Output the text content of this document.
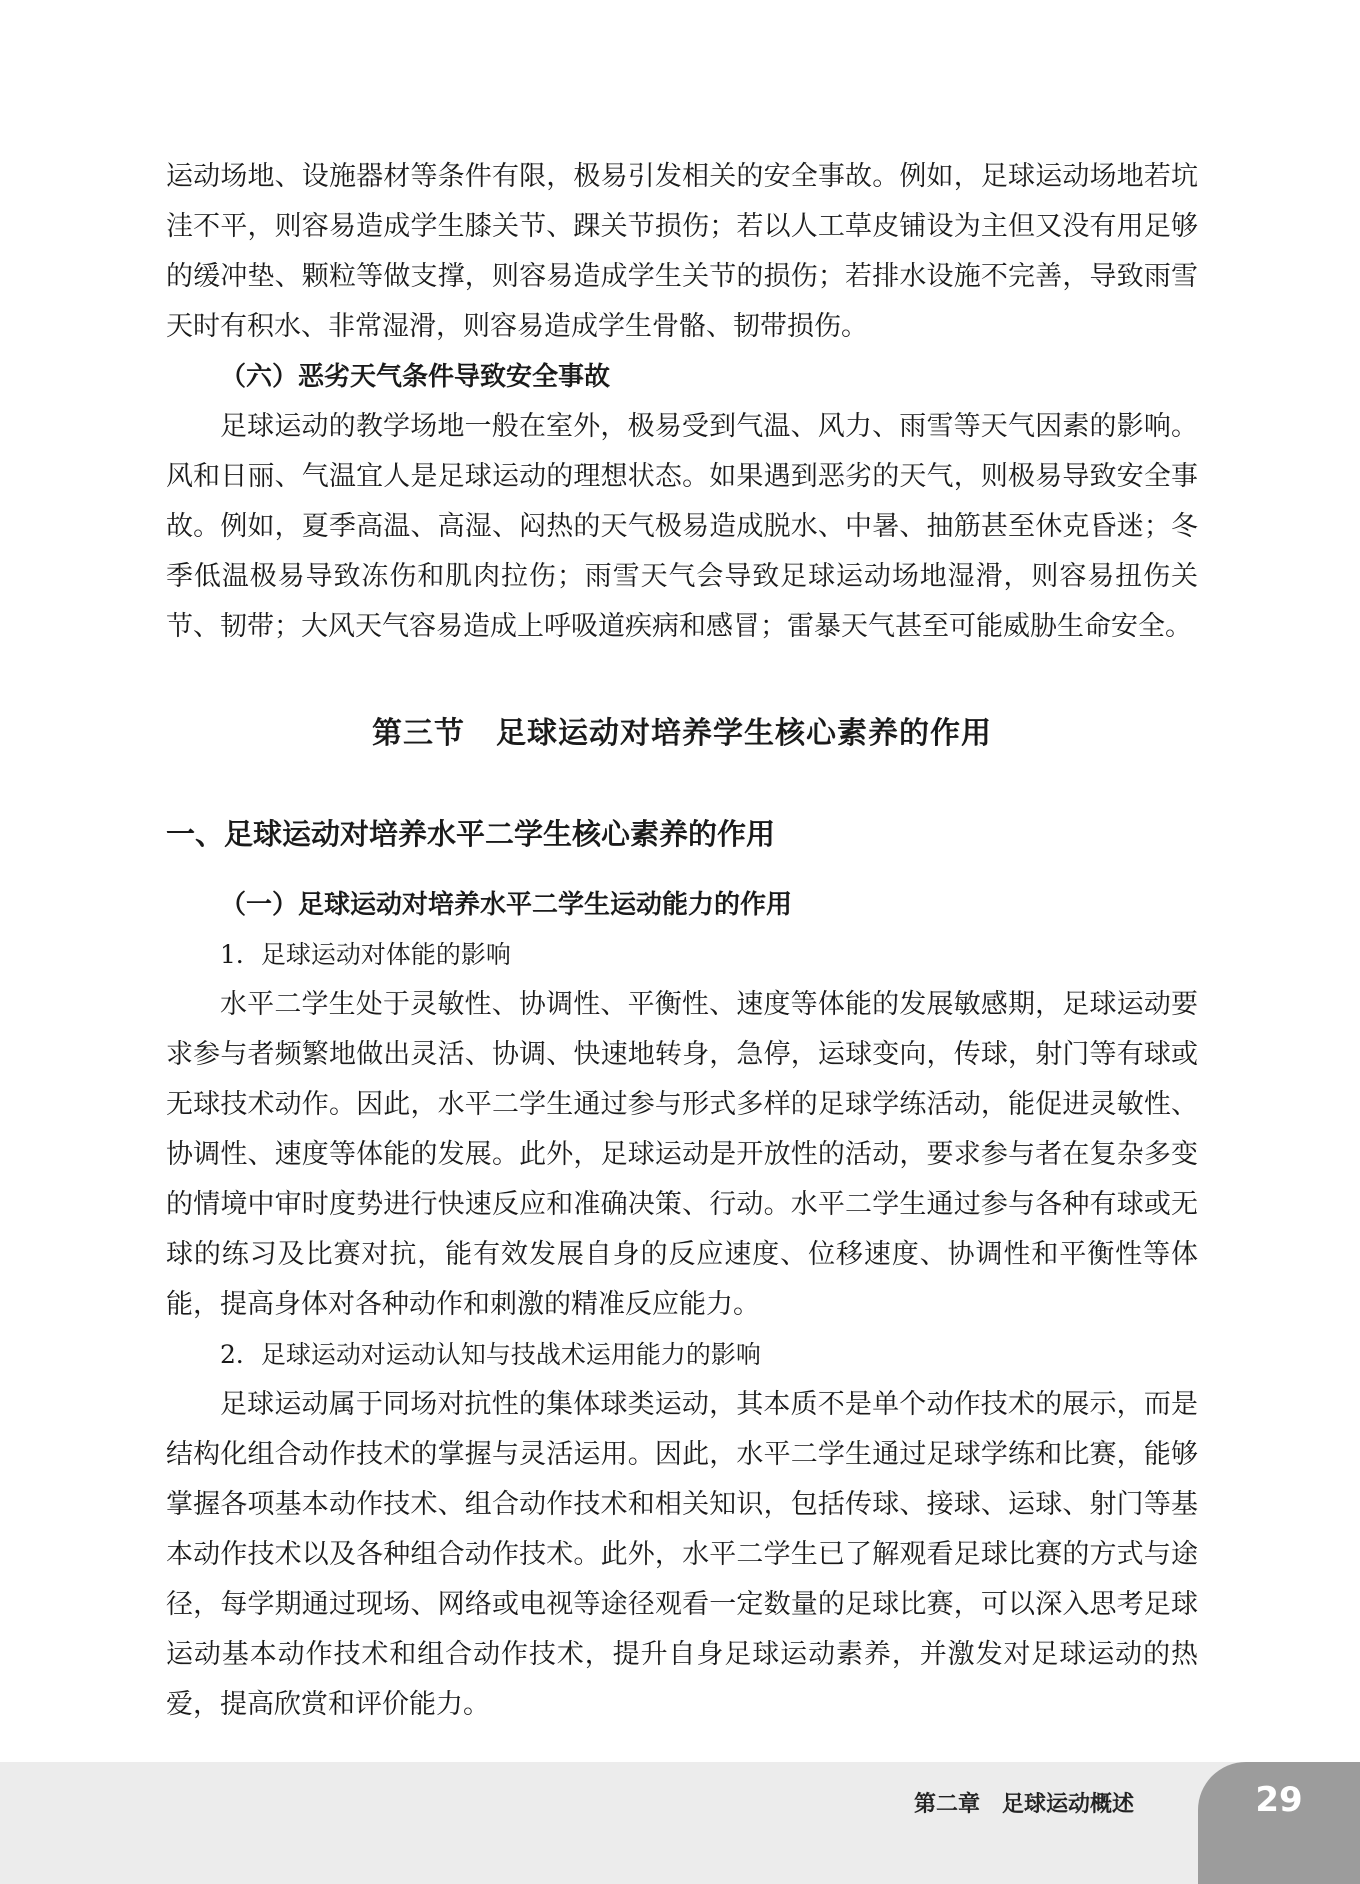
运动场地、设施器材等条件有限，极易引发相关的安全事故。例如，足球运动场地若坑洼不平，则容易造成学生膝关节、踝关节损伤；若以人工草皮铺设为主但又没有用足够的缓冲垫、颗粒等做支撑，则容易造成学生关节的损伤；若排水设施不完善，导致雨雪天时有积水、非常湿滑，则容易造成学生骨骼、韧带损伤。

（六）恶劣天气条件导致安全事故

足球运动的教学场地一般在室外，极易受到气温、风力、雨雪等天气因素的影响。风和日丽、气温宜人是足球运动的理想状态。如果遇到恶劣的天气，则极易导致安全事故。例如，夏季高温、高湿、闷热的天气极易造成脱水、中暑、抽筋甚至休克昏迷；冬季低温极易导致冻伤和肌肉拉伤；雨雪天气会导致足球运动场地湿滑，则容易扭伤关节、韧带；大风天气容易造成上呼吸道疾病和感冒；雷暴天气甚至可能威胁生命安全。

第三节　足球运动对培养学生核心素养的作用
一、足球运动对培养水平二学生核心素养的作用

（一）足球运动对培养水平二学生运动能力的作用

1．足球运动对体能的影响

水平二学生处于灵敏性、协调性、平衡性、速度等体能的发展敏感期，足球运动要求参与者频繁地做出灵活、协调、快速地转身，急停，运球变向，传球，射门等有球或无球技术动作。因此，水平二学生通过参与形式多样的足球学练活动，能促进灵敏性、协调性、速度等体能的发展。此外，足球运动是开放性的活动，要求参与者在复杂多变的情境中审时度势进行快速反应和准确决策、行动。水平二学生通过参与各种有球或无球的练习及比赛对抗，能有效发展自身的反应速度、位移速度、协调性和平衡性等体能，提高身体对各种动作和刺激的精准反应能力。

2．足球运动对运动认知与技战术运用能力的影响

足球运动属于同场对抗性的集体球类运动，其本质不是单个动作技术的展示，而是结构化组合动作技术的掌握与灵活运用。因此，水平二学生通过足球学练和比赛，能够掌握各项基本动作技术、组合动作技术和相关知识，包括传球、接球、运球、射门等基本动作技术以及各种组合动作技术。此外，水平二学生已了解观看足球比赛的方式与途径，每学期通过现场、网络或电视等途径观看一定数量的足球比赛，可以深入思考足球运动基本动作技术和组合动作技术，提升自身足球运动素养，并激发对足球运动的热爱，提高欣赏和评价能力。

第二章　足球运动概述	29
